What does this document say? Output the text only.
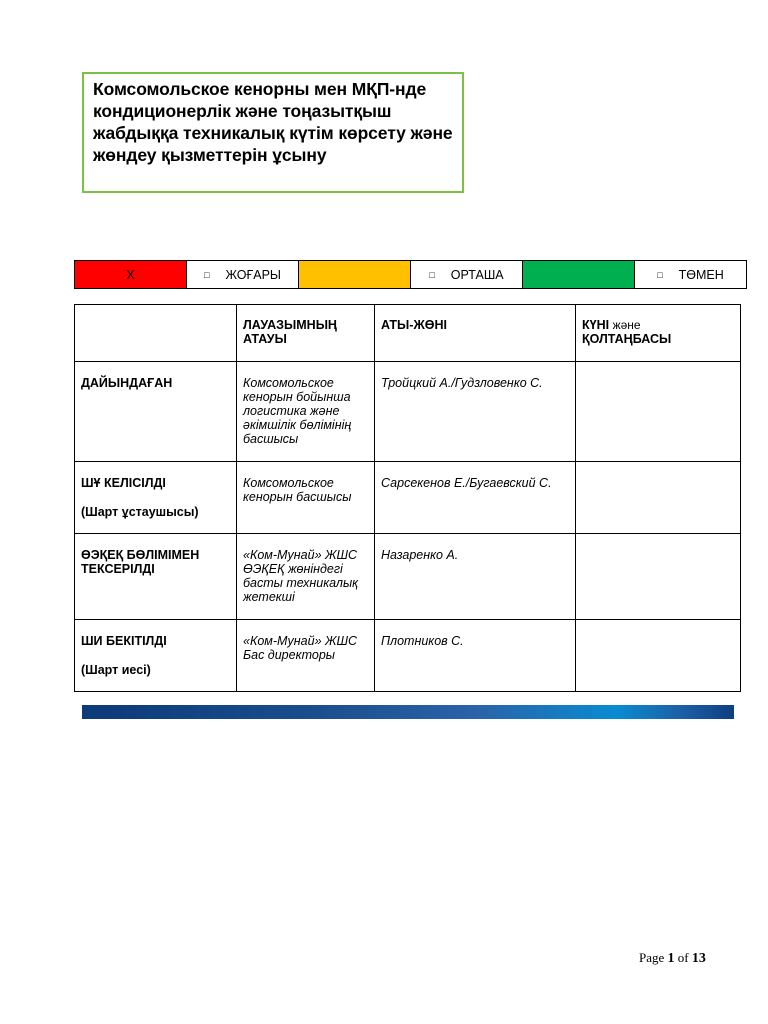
Комсомольское кенорны мен МҚП-нде кондиционерлік және тоңазытқыш жабдыққа техникалық күтім көрсету және жөндеу қызметтерін ұсыну
X	□ ЖОҒАРЫ		□ ОРТАША		□ ТӨМЕН

	ЛАУАЗЫМНЫҢ АТАУЫ	АТЫ-ЖӨНІ	КҮНІ және
ҚОЛТАҢБАСЫ

ДАЙЫНДАҒАН	Комсомольское кенорын бойынша логистика және әкімшілік бөлімінің басшысы	Тройцкий А./Гудзловенко С.	

ШҰ КЕЛІСІЛДІ
(Шарт ұстаушысы)	Комсомольское кенорын басшысы	Сарсекенов Е./Бугаевский С.	

ӨЭҚЕҚ БӨЛІМІМЕН ТЕКСЕРІЛДІ	«Ком-Мунай» ЖШС ӨЭҚЕҚ жөніндегі басты техникалық жетекші	Назаренко А.	

ШИ БЕКІТІЛДІ
(Шарт иесі)	«Ком-Мунай» ЖШС Бас директоры	Плотников С.	

Page 1 of 13
